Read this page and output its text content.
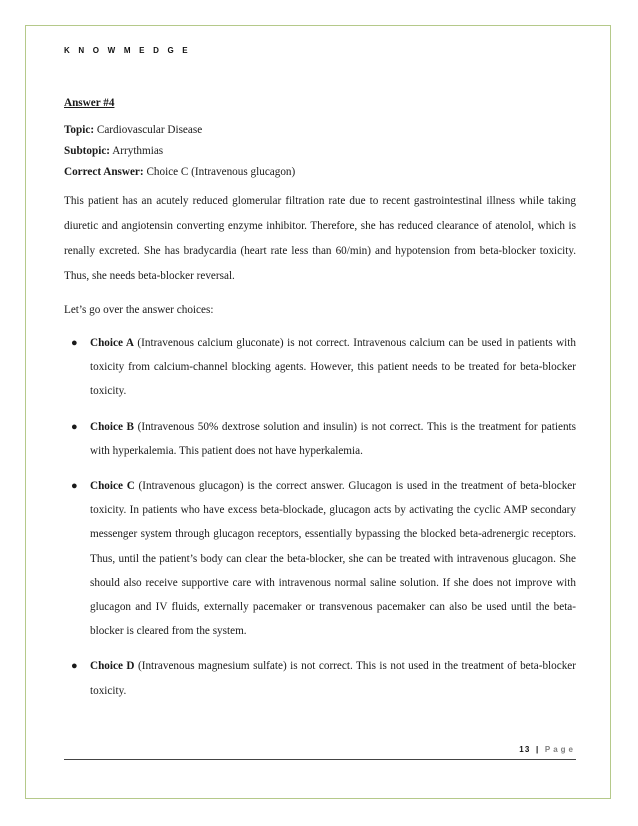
K N O W M E D G E

Answer #4

Topic: Cardiovascular Disease

Subtopic: Arrythmias

Correct Answer: Choice C (Intravenous glucagon)

This patient has an acutely reduced glomerular filtration rate due to recent gastrointestinal illness while taking diuretic and angiotensin converting enzyme inhibitor. Therefore, she has reduced clearance of atenolol, which is renally excreted. She has bradycardia (heart rate less than 60/min) and hypotension from beta-blocker toxicity. Thus, she needs beta-blocker reversal.

Let’s go over the answer choices:

● Choice A (Intravenous calcium gluconate) is not correct. Intravenous calcium can be used in patients with toxicity from calcium-channel blocking agents. However, this patient needs to be treated for beta-blocker toxicity.
● Choice B (Intravenous 50% dextrose solution and insulin) is not correct. This is the treatment for patients with hyperkalemia. This patient does not have hyperkalemia.
● Choice C (Intravenous glucagon) is the correct answer. Glucagon is used in the treatment of beta-blocker toxicity. In patients who have excess beta-blockade, glucagon acts by activating the cyclic AMP secondary messenger system through glucagon receptors, essentially bypassing the blocked beta-adrenergic receptors. Thus, until the patient’s body can clear the beta-blocker, she can be treated with intravenous glucagon. She should also receive supportive care with intravenous normal saline solution. If she does not improve with glucagon and IV fluids, externally pacemaker or transvenous pacemaker can also be used until the beta-blocker is cleared from the system.
● Choice D (Intravenous magnesium sulfate) is not correct. This is not used in the treatment of beta-blocker toxicity.
13 | Page
